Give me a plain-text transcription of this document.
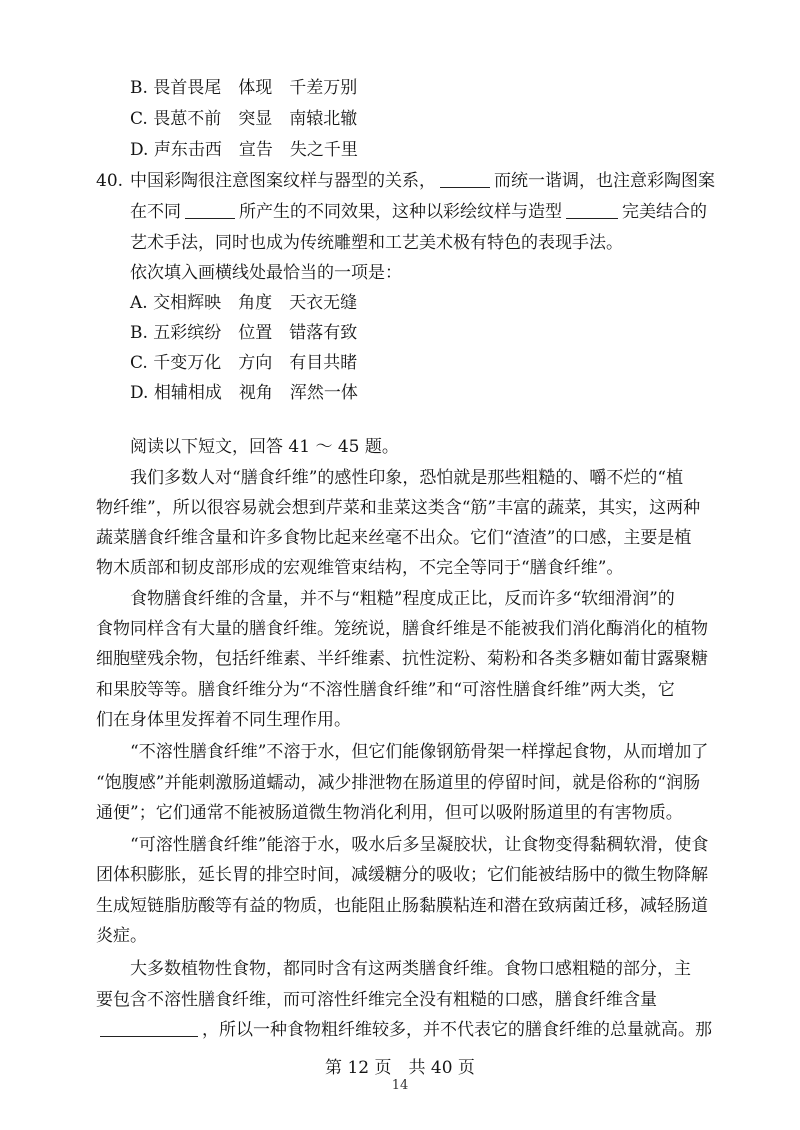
B. 畏首畏尾　体现　千差万别
C. 畏葸不前　突显　南辕北辙
D. 声东击西　宣告　失之千里
40. 中国彩陶很注意图案纹样与器型的关系，	而统一谐调，也注意彩陶图案
在不同	所产生的不同效果，这种以彩绘纹样与造型	完美结合的
艺术手法，同时也成为传统雕塑和工艺美术极有特色的表现手法。
依次填入画横线处最恰当的一项是：
A. 交相辉映　角度　天衣无缝
B. 五彩缤纷　位置　错落有致
C. 千变万化　方向　有目共睹
D. 相辅相成　视角　浑然一体
阅读以下短文，回答 41 ～ 45 题。
我们多数人对“膳食纤维”的感性印象，恐怕就是那些粗糙的、嚼不烂的“植
物纤维”，所以很容易就会想到芹菜和韭菜这类含“筋”丰富的蔬菜，其实，这两种
蔬菜膳食纤维含量和许多食物比起来丝毫不出众。它们“渣渣”的口感，主要是植
物木质部和韧皮部形成的宏观维管束结构，不完全等同于“膳食纤维”。
食物膳食纤维的含量，并不与“粗糙”程度成正比，反而许多“软细滑润”的
食物同样含有大量的膳食纤维。笼统说，膳食纤维是不能被我们消化酶消化的植物
细胞壁残余物，包括纤维素、半纤维素、抗性淀粉、菊粉和各类多糖如葡甘露聚糖
和果胶等等。膳食纤维分为“不溶性膳食纤维”和“可溶性膳食纤维”两大类，它
们在身体里发挥着不同生理作用。
“不溶性膳食纤维”不溶于水，但它们能像钢筋骨架一样撑起食物，从而增加了
“饱腹感”并能刺激肠道蠕动，减少排泄物在肠道里的停留时间，就是俗称的“润肠
通便”；它们通常不能被肠道微生物消化利用，但可以吸附肠道里的有害物质。
“可溶性膳食纤维”能溶于水，吸水后多呈凝胶状，让食物变得黏稠软滑，使食
团体积膨胀，延长胃的排空时间，减缓糖分的吸收；它们能被结肠中的微生物降解
生成短链脂肪酸等有益的物质，也能阻止肠黏膜粘连和潜在致病菌迁移，减轻肠道
炎症。
大多数植物性食物，都同时含有这两类膳食纤维。食物口感粗糙的部分，主
要包含不溶性膳食纤维，而可溶性纤维完全没有粗糙的口感，膳食纤维含量
，所以一种食物粗纤维较多，并不代表它的膳食纤维的总量就高。那
第 12 页　共 40 页
14
